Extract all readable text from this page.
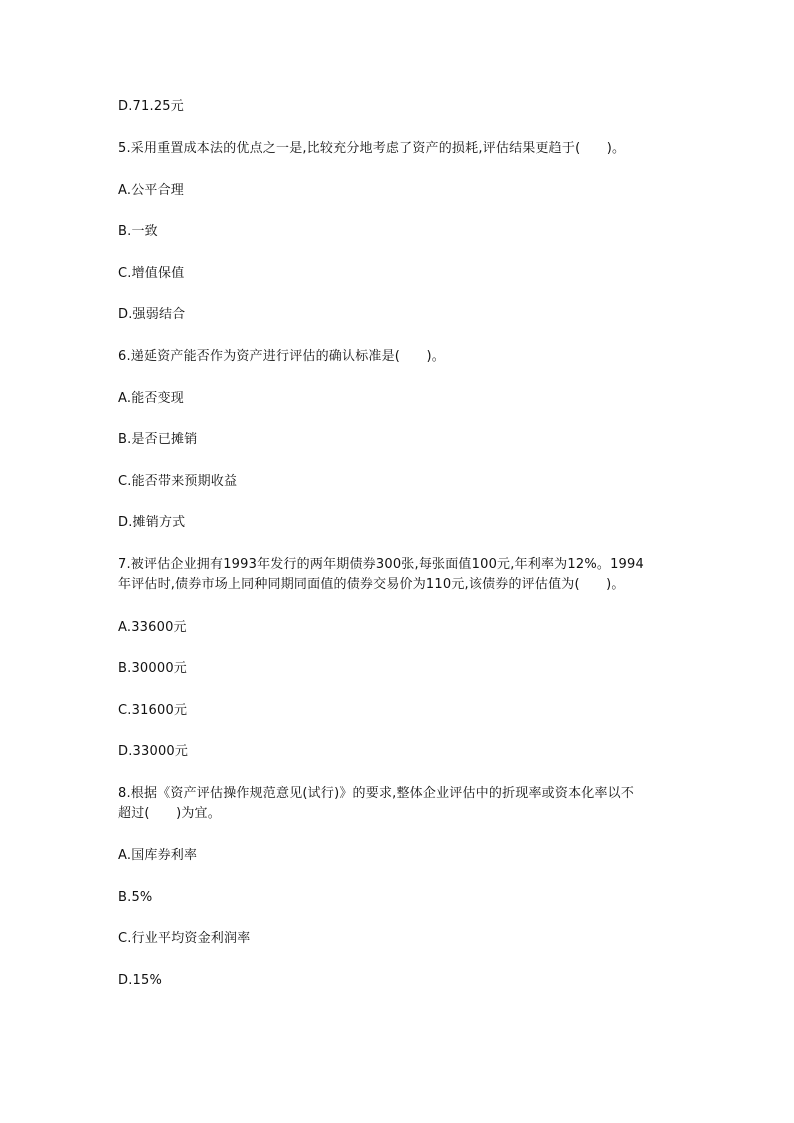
D.71.25元
5.采用重置成本法的优点之一是,比较充分地考虑了资产的损耗,评估结果更趋于(　　)。
A.公平合理
B.一致
C.增值保值
D.强弱结合
6.递延资产能否作为资产进行评估的确认标准是(　　)。
A.能否变现
B.是否已摊销
C.能否带来预期收益
D.摊销方式
7.被评估企业拥有1993年发行的两年期债券300张,每张面值100元,年利率为12%。1994
年评估时,债券市场上同种同期同面值的债券交易价为110元,该债券的评估值为(　　)。
A.33600元
B.30000元
C.31600元
D.33000元
8.根据《资产评估操作规范意见(试行)》的要求,整体企业评估中的折现率或资本化率以不
超过(　　)为宜。
A.国库券利率
B.5%
C.行业平均资金利润率
D.15%
